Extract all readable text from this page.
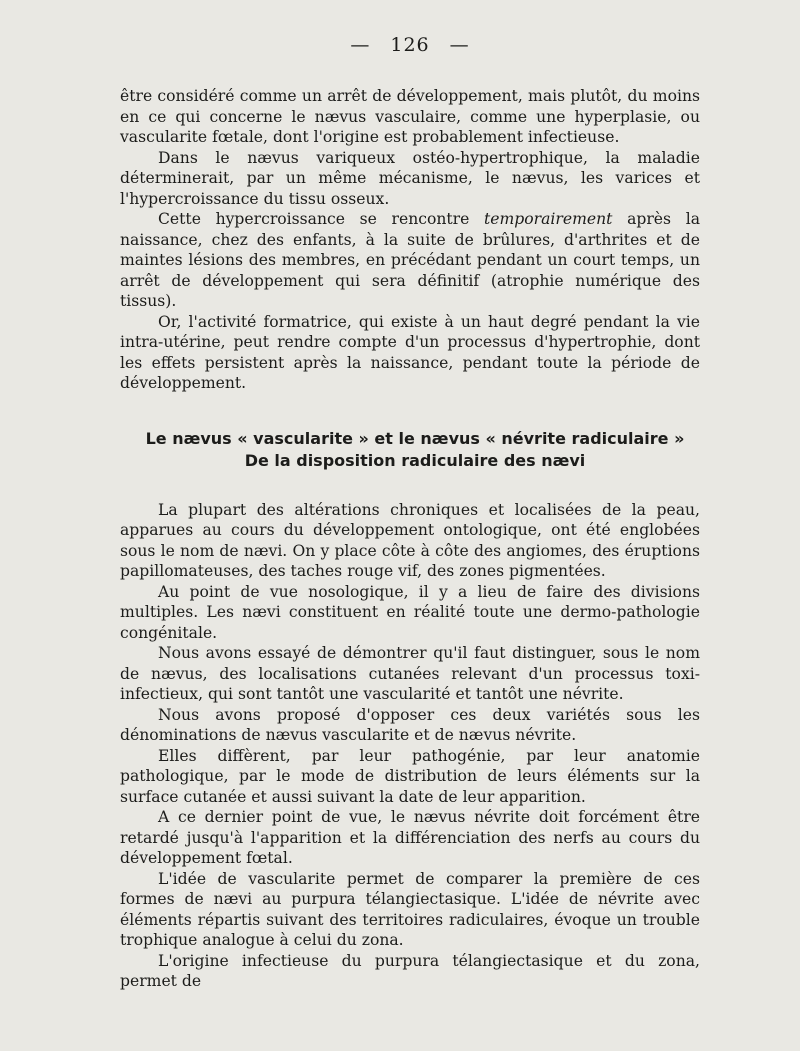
— 126 —

être considéré comme un arrêt de développement, mais plutôt, du moins en ce qui concerne le nævus vasculaire, comme une hyperplasie, ou vascularite fœtale, dont l'origine est probablement infectieuse.

Dans le nævus variqueux ostéo-hypertrophique, la maladie déterminerait, par un même mécanisme, le nævus, les varices et l'hypercroissance du tissu osseux.

Cette hypercroissance se rencontre temporairement après la naissance, chez des enfants, à la suite de brûlures, d'arthrites et de maintes lésions des membres, en précédant pendant un court temps, un arrêt de développement qui sera définitif (atrophie numérique des tissus).

Or, l'activité formatrice, qui existe à un haut degré pendant la vie intra-utérine, peut rendre compte d'un processus d'hypertrophie, dont les effets persistent après la naissance, pendant toute la période de développement.

Le nævus « vascularite » et le nævus « névrite radiculaire »
De la disposition radiculaire des nævi

La plupart des altérations chroniques et localisées de la peau, apparues au cours du développement ontologique, ont été englobées sous le nom de nævi. On y place côte à côte des angiomes, des éruptions papillomateuses, des taches rouge vif, des zones pigmentées.

Au point de vue nosologique, il y a lieu de faire des divisions multiples. Les nævi constituent en réalité toute une dermo-pathologie congénitale.

Nous avons essayé de démontrer qu'il faut distinguer, sous le nom de nævus, des localisations cutanées relevant d'un processus toxi-infectieux, qui sont tantôt une vascularité et tantôt une névrite.

Nous avons proposé d'opposer ces deux variétés sous les dénominations de nævus vascularite et de nævus névrite.

Elles diffèrent, par leur pathogénie, par leur anatomie pathologique, par le mode de distribution de leurs éléments sur la surface cutanée et aussi suivant la date de leur apparition.

A ce dernier point de vue, le nævus névrite doit forcément être retardé jusqu'à l'apparition et la différenciation des nerfs au cours du développement fœtal.

L'idée de vascularite permet de comparer la première de ces formes de nævi au purpura télangiectasique. L'idée de névrite avec éléments répartis suivant des territoires radiculaires, évoque un trouble trophique analogue à celui du zona.

L'origine infectieuse du purpura télangiectasique et du zona, permet de
